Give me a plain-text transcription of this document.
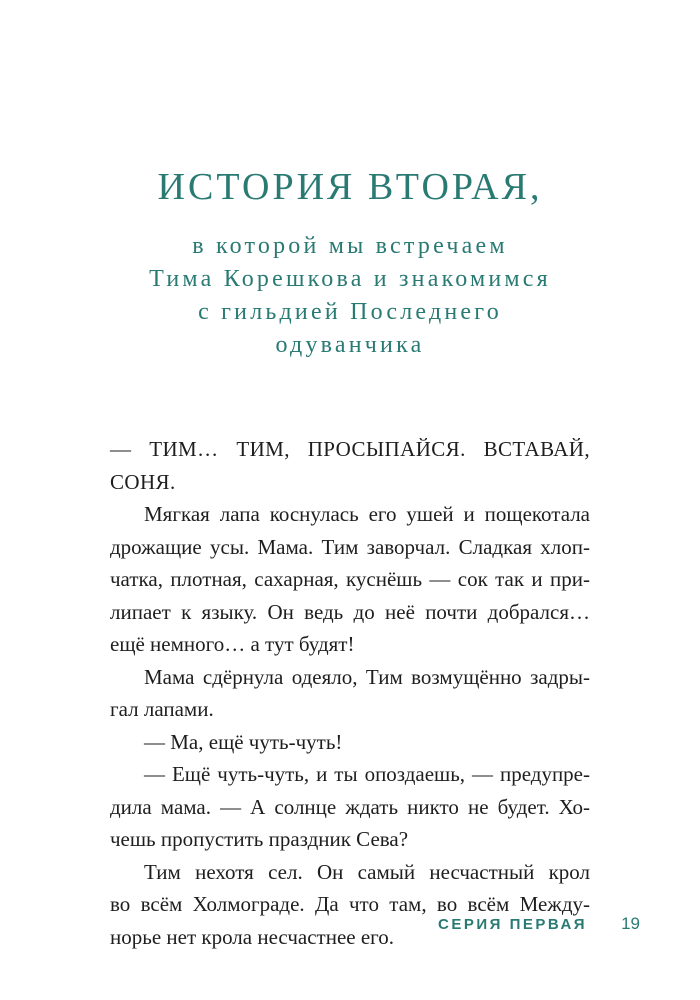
ИСТОРИЯ ВТОРАЯ,
в которой мы встречаем
Тима Корешкова и знакомимся
с гильдией Последнего
одуванчика

— ТИМ… ТИМ, ПРОСЫПАЙСЯ. ВСТАВАЙ, СОНЯ.

Мягкая лапа коснулась его ушей и пощекотала

дрожащие усы. Мама. Тим заворчал. Сладкая хлоп-

чатка, плотная, сахарная, куснёшь — сок так и при-

липает к языку. Он ведь до неё почти добрался…

ещё немного… а тут будят!

Мама сдёрнула одеяло, Тим возмущённо задры-

гал лапами.

— Ма, ещё чуть-чуть!

— Ещё чуть-чуть, и ты опоздаешь, — предупре-

дила мама. — А солнце ждать никто не будет. Хо-

чешь пропустить праздник Сева?

Тим нехотя сел. Он самый несчастный крол

во всём Холмограде. Да что там, во всём Между-

норье нет крола несчастнее его.	СЕРИЯ ПЕРВАЯ 19
